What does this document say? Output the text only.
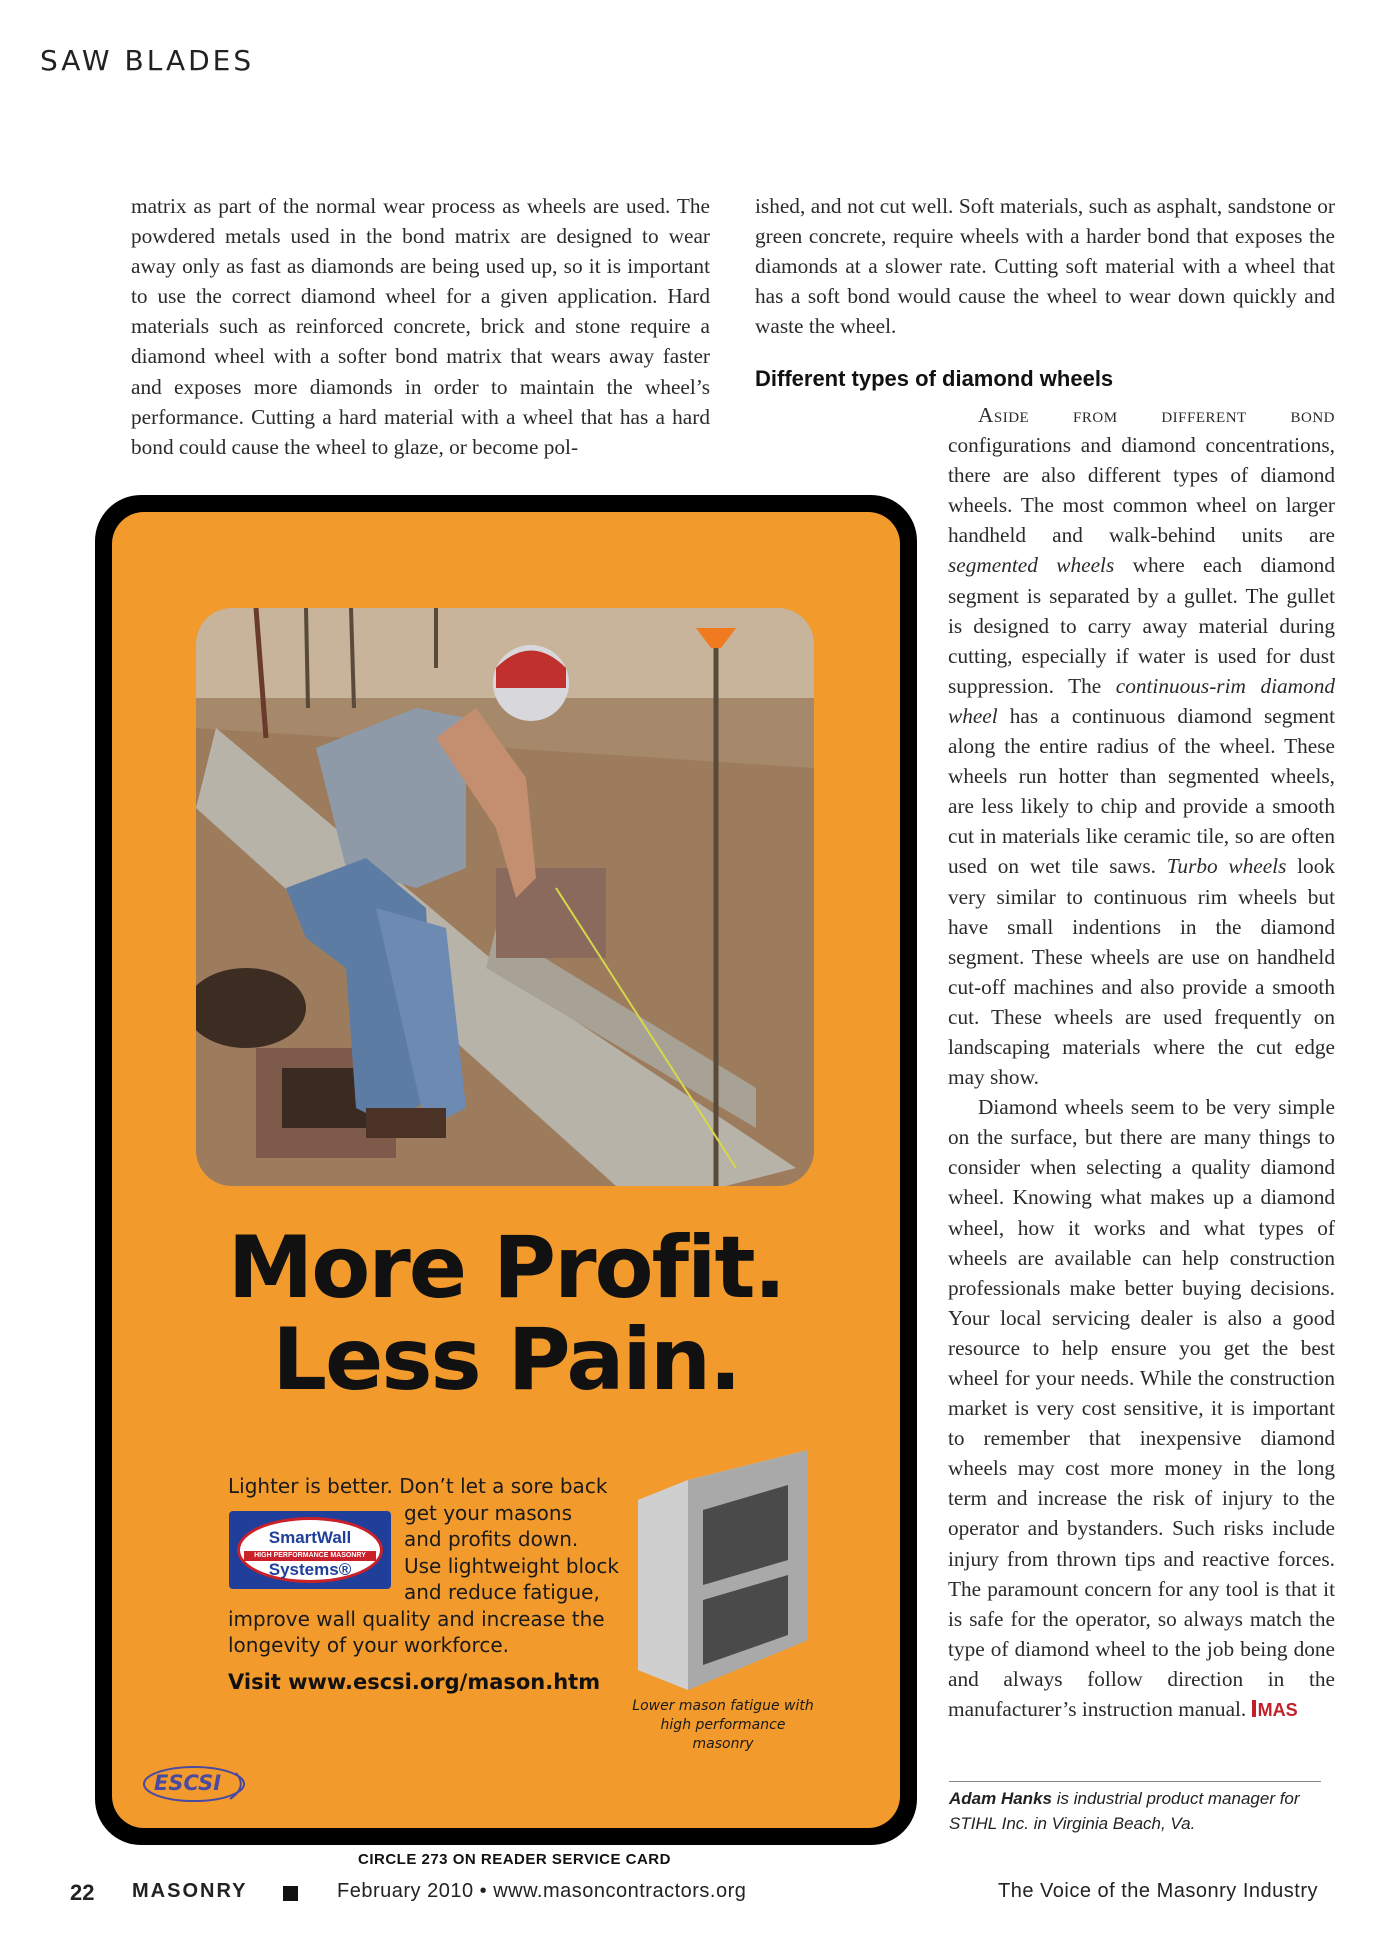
SAW BLADES

matrix as part of the normal wear process as wheels are used. The powdered metals used in the bond matrix are designed to wear away only as fast as diamonds are being used up, so it is important to use the correct diamond wheel for a given application. Hard materials such as reinforced concrete, brick and stone require a diamond wheel with a softer bond matrix that wears away faster and exposes more diamonds in order to maintain the wheel’s performance. Cutting a hard material with a wheel that has a hard bond could cause the wheel to glaze, or become pol-

ished, and not cut well. Soft materials, such as asphalt, sandstone or green concrete, require wheels with a harder bond that exposes the diamonds at a slower rate. Cutting soft material with a wheel that has a soft bond would cause the wheel to wear down quickly and waste the wheel.

Different types of diamond wheels

Aside from different bond configurations and diamond concentrations, there are also different types of diamond wheels. The most common wheel on larger handheld and walk-behind units are segmented wheels where each diamond segment is separated by a gullet. The gullet is designed to carry away material during cutting, especially if water is used for dust suppression. The continuous-rim diamond wheel has a continuous diamond segment along the entire radius of the wheel. These wheels run hotter than segmented wheels, are less likely to chip and provide a smooth cut in materials like ceramic tile, so are often used on wet tile saws. Turbo wheels look very similar to continuous rim wheels but have small indentions in the diamond segment. These wheels are use on handheld cut-off machines and also provide a smooth cut. These wheels are used frequently on landscaping materials where the cut edge may show.

Diamond wheels seem to be very simple on the surface, but there are many things to consider when selecting a quality diamond wheel. Knowing what makes up a diamond wheel, how it works and what types of wheels are available can help construction professionals make better buying decisions. Your local servicing dealer is also a good resource to help ensure you get the best wheel for your needs. While the construction market is very cost sensitive, it is important to remember that inexpensive diamond wheels may cost more money in the long term and increase the risk of injury to the operator and bystanders. Such risks include injury from thrown tips and reactive forces. The paramount concern for any tool is that it is safe for the operator, so always match the type of diamond wheel to the job being done and always follow direction in the manufacturer’s instruction manual. MAS

Adam Hanks is industrial product manager for STIHL Inc. in Virginia Beach, Va.
More Profit.
Less Pain.
Lighter is better. Don’t let a sore back
get your masons
and profits down.
Use lightweight block
and reduce fatigue,
improve wall quality and increase the longevity of your workforce.
SmartWall
HIGH PERFORMANCE MASONRY
Systems®
Visit www.escsi.org/mason.htm
Lower mason fatigue with high performance masonry
ESCSI
CIRCLE 273 ON READER SERVICE CARD
22 MASONRY	February 2010 • www.masoncontractors.org	The Voice of the Masonry Industry
